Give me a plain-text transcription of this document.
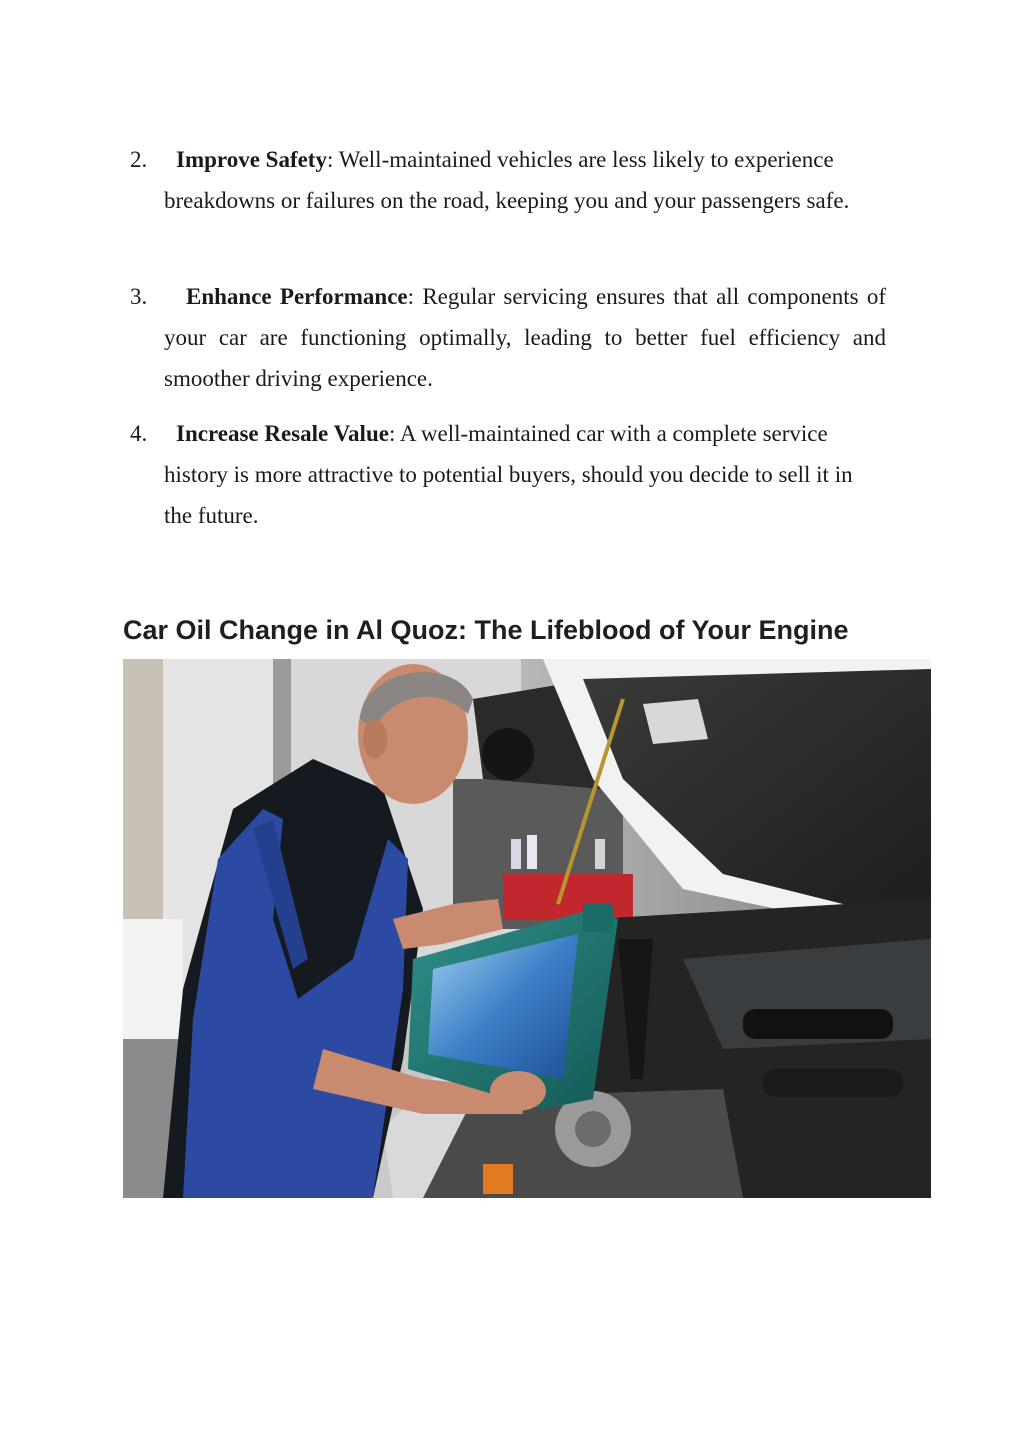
2.	Improve Safety: Well-maintained vehicles are less likely to experience breakdowns or failures on the road, keeping you and your passengers safe.
3.	Enhance Performance: Regular servicing ensures that all components of your car are functioning optimally, leading to better fuel efficiency and smoother driving experience.
4.	Increase Resale Value: A well-maintained car with a complete service history is more attractive to potential buyers, should you decide to sell it in the future.
Car Oil Change in Al Quoz: The Lifeblood of Your Engine
